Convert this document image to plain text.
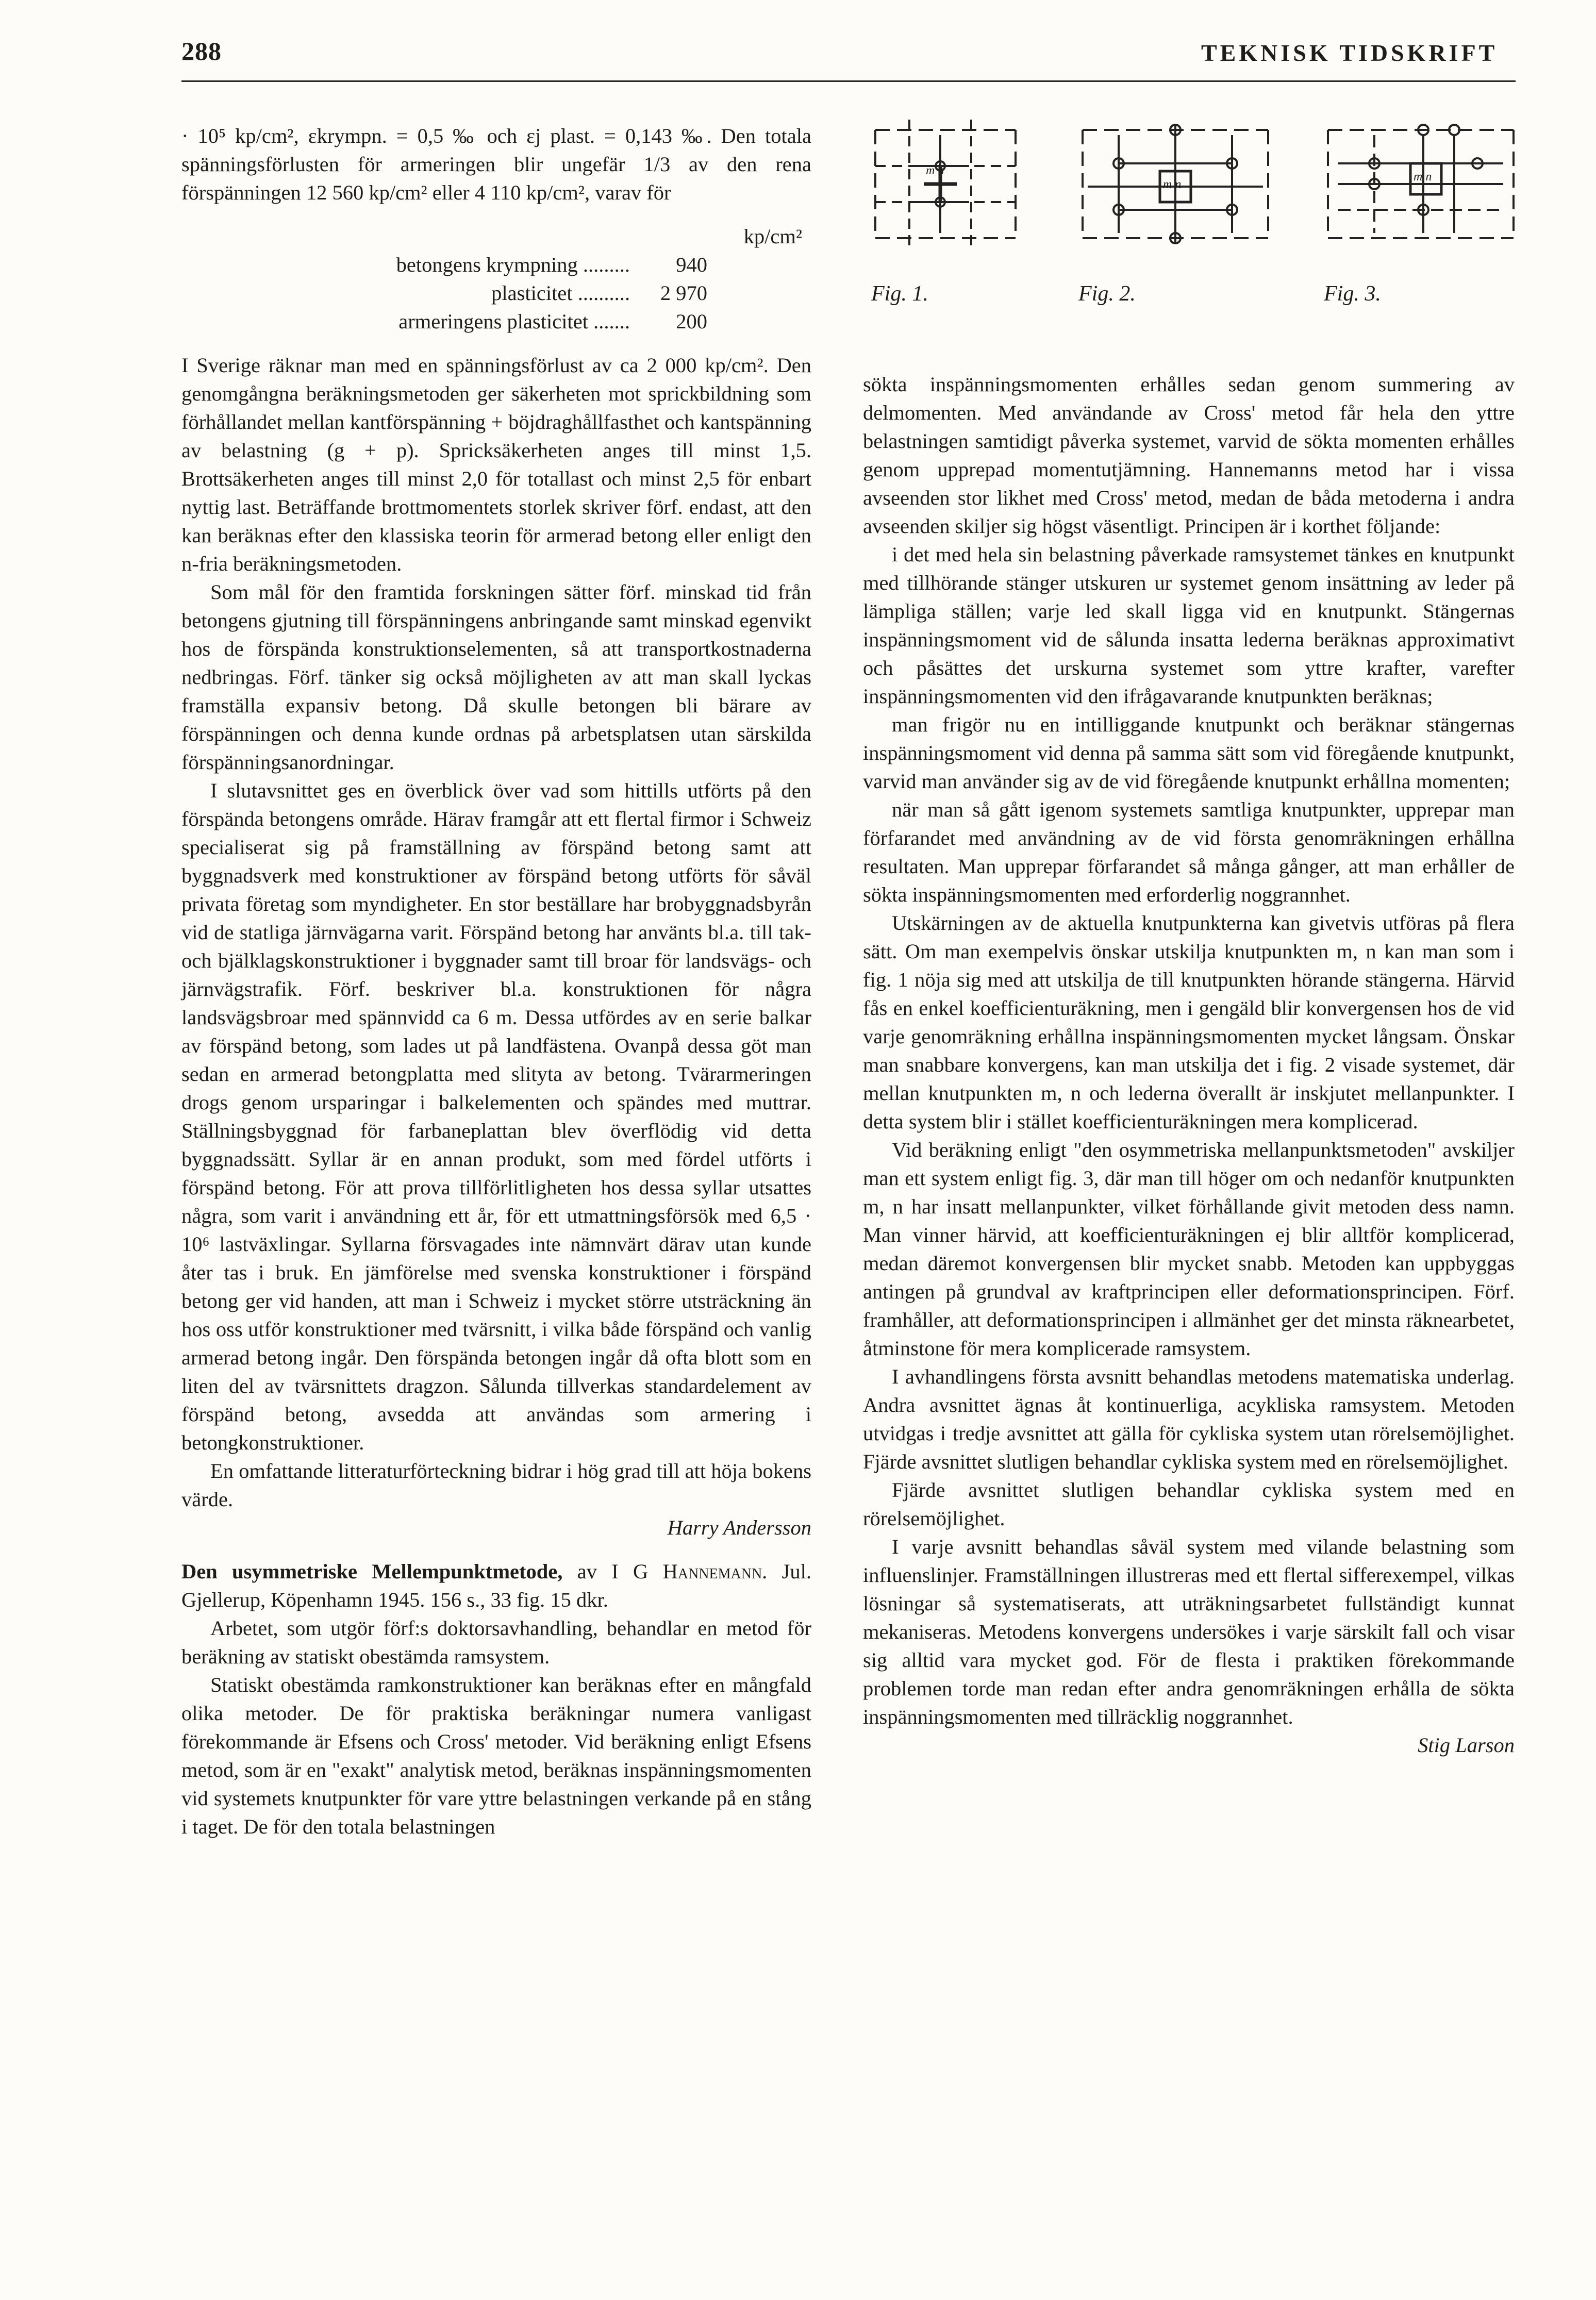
288	TEKNISK TIDSKRIFT
Fig. 1.	Fig. 2.	Fig. 3.

· 10⁵ kp/cm², εkrympn. = 0,5 ‰ och εj plast. = 0,143 ‰. Den totala spänningsförlusten för armeringen blir ungefär 1/3 av den rena förspänningen 12 560 kp/cm² eller 4 110 kp/cm², varav för

kp/cm²
betongens krympning .........	940
plasticitet ..........	2 970
armeringens plasticitet .......	200

I Sverige räknar man med en spänningsförlust av ca 2 000 kp/cm². Den genomgångna beräkningsmetoden ger säkerheten mot sprickbildning som förhållandet mellan kantförspänning + böjdraghållfasthet och kantspänning av belastning (g + p). Spricksäkerheten anges till minst 1,5. Brottsäkerheten anges till minst 2,0 för totallast och minst 2,5 för enbart nyttig last. Beträffande brottmomentets storlek skriver förf. endast, att den kan beräknas efter den klassiska teorin för armerad betong eller enligt den n-fria beräkningsmetoden.

Som mål för den framtida forskningen sätter förf. minskad tid från betongens gjutning till förspänningens anbringande samt minskad egenvikt hos de förspända konstruktionselementen, så att transportkostnaderna nedbringas. Förf. tänker sig också möjligheten av att man skall lyckas framställa expansiv betong. Då skulle betongen bli bärare av förspänningen och denna kunde ordnas på arbetsplatsen utan särskilda förspänningsanordningar.

I slutavsnittet ges en överblick över vad som hittills utförts på den förspända betongens område. Härav framgår att ett flertal firmor i Schweiz specialiserat sig på framställning av förspänd betong samt att byggnadsverk med konstruktioner av förspänd betong utförts för såväl privata företag som myndigheter. En stor beställare har brobyggnadsbyrån vid de statliga järnvägarna varit. Förspänd betong har använts bl.a. till tak- och bjälklagskonstruktioner i byggnader samt till broar för landsvägs- och järnvägstrafik. Förf. beskriver bl.a. konstruktionen för några landsvägsbroar med spännvidd ca 6 m. Dessa utfördes av en serie balkar av förspänd betong, som lades ut på landfästena. Ovanpå dessa göt man sedan en armerad betongplatta med slityta av betong. Tvärarmeringen drogs genom ursparingar i balkelementen och spändes med muttrar. Ställningsbyggnad för farbaneplattan blev överflödig vid detta byggnadssätt. Syllar är en annan produkt, som med fördel utförts i förspänd betong. För att prova tillförlitligheten hos dessa syllar utsattes några, som varit i användning ett år, för ett utmattningsförsök med 6,5 · 10⁶ lastväxlingar. Syllarna försvagades inte nämnvärt därav utan kunde åter tas i bruk. En jämförelse med svenska konstruktioner i förspänd betong ger vid handen, att man i Schweiz i mycket större utsträckning än hos oss utför konstruktioner med tvärsnitt, i vilka både förspänd och vanlig armerad betong ingår. Den förspända betongen ingår då ofta blott som en liten del av tvärsnittets dragzon. Sålunda tillverkas standardelement av förspänd betong, avsedda att användas som armering i betongkonstruktioner.

En omfattande litteraturförteckning bidrar i hög grad till att höja bokens värde.

Harry Andersson

Den usymmetriske Mellempunktmetode, av I G Hannemann. Jul. Gjellerup, Köpenhamn 1945. 156 s., 33 fig. 15 dkr.

Arbetet, som utgör förf:s doktorsavhandling, behandlar en metod för beräkning av statiskt obestämda ramsystem.

Statiskt obestämda ramkonstruktioner kan beräknas efter en mångfald olika metoder. De för praktiska beräkningar numera vanligast förekommande är Efsens och Cross' metoder. Vid beräkning enligt Efsens metod, som är en "exakt" analytisk metod, beräknas inspänningsmomenten vid systemets knutpunkter för vare yttre belastningen verkande på en stång i taget. De för den totala belastningen

sökta inspänningsmomenten erhålles sedan genom summering av delmomenten. Med användande av Cross' metod får hela den yttre belastningen samtidigt påverka systemet, varvid de sökta momenten erhålles genom upprepad momentutjämning. Hannemanns metod har i vissa avseenden stor likhet med Cross' metod, medan de båda metoderna i andra avseenden skiljer sig högst väsentligt. Principen är i korthet följande:

i det med hela sin belastning påverkade ramsystemet tänkes en knutpunkt med tillhörande stänger utskuren ur systemet genom insättning av leder på lämpliga ställen; varje led skall ligga vid en knutpunkt. Stängernas inspänningsmoment vid de sålunda insatta lederna beräknas approximativt och påsättes det urskurna systemet som yttre krafter, varefter inspänningsmomenten vid den ifrågavarande knutpunkten beräknas;

man frigör nu en intilliggande knutpunkt och beräknar stängernas inspänningsmoment vid denna på samma sätt som vid föregående knutpunkt, varvid man använder sig av de vid föregående knutpunkt erhållna momenten;

när man så gått igenom systemets samtliga knutpunkter, upprepar man förfarandet med användning av de vid första genomräkningen erhållna resultaten. Man upprepar förfarandet så många gånger, att man erhåller de sökta inspänningsmomenten med erforderlig noggrannhet.

Utskärningen av de aktuella knutpunkterna kan givetvis utföras på flera sätt. Om man exempelvis önskar utskilja knutpunkten m, n kan man som i fig. 1 nöja sig med att utskilja de till knutpunkten hörande stängerna. Härvid fås en enkel koefficienturäkning, men i gengäld blir konvergensen hos de vid varje genomräkning erhållna inspänningsmomenten mycket långsam. Önskar man snabbare konvergens, kan man utskilja det i fig. 2 visade systemet, där mellan knutpunkten m, n och lederna överallt är inskjutet mellanpunkter. I detta system blir i stället koefficienturäkningen mera komplicerad.

Vid beräkning enligt "den osymmetriska mellanpunktsmetoden" avskiljer man ett system enligt fig. 3, där man till höger om och nedanför knutpunkten m, n har insatt mellanpunkter, vilket förhållande givit metoden dess namn. Man vinner härvid, att koefficienturäkningen ej blir alltför komplicerad, medan däremot konvergensen blir mycket snabb. Metoden kan uppbyggas antingen på grundval av kraftprincipen eller deformationsprincipen. Förf. framhåller, att deformationsprincipen i allmänhet ger det minsta räknearbetet, åtminstone för mera komplicerade ramsystem.

I avhandlingens första avsnitt behandlas metodens matematiska underlag. Andra avsnittet ägnas åt kontinuerliga, acykliska ramsystem. Metoden utvidgas i tredje avsnittet att gälla för cykliska system utan rörelsemöjlighet. Fjärde avsnittet slutligen behandlar cykliska system med en rörelsemöjlighet.

Fjärde avsnittet slutligen behandlar cykliska system med en rörelsemöjlighet.

I varje avsnitt behandlas såväl system med vilande belastning som influenslinjer. Framställningen illustreras med ett flertal sifferexempel, vilkas lösningar så systematiserats, att uträkningsarbetet fullständigt kunnat mekaniseras. Metodens konvergens undersökes i varje särskilt fall och visar sig alltid vara mycket god. För de flesta i praktiken förekommande problemen torde man redan efter andra genomräkningen erhålla de sökta inspänningsmomenten med tillräcklig noggrannhet.

Stig Larson

m n
m n
m n
